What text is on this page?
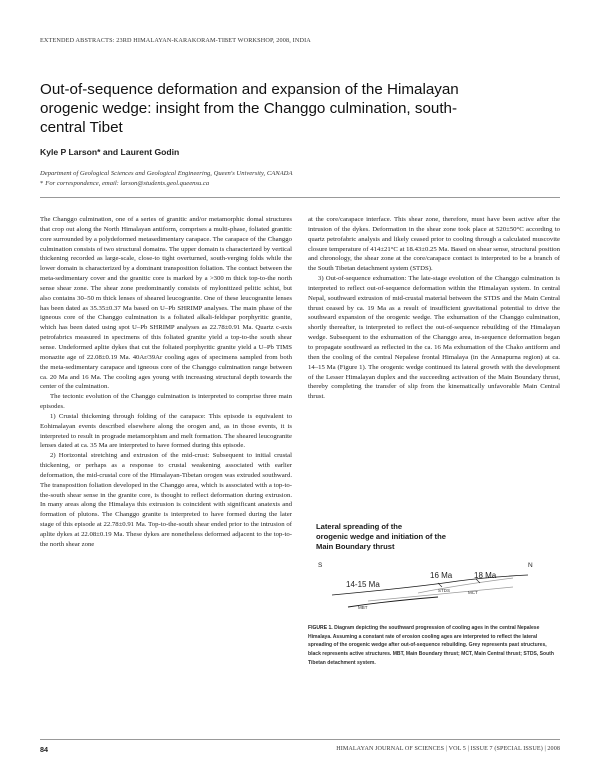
EXTENDED ABSTRACTS: 23RD HIMALAYAN-KARAKORAM-TIBET WORKSHOP, 2008, INDIA
Out-of-sequence deformation and expansion of the Himalayan orogenic wedge: insight from the Changgo culmination, south-central Tibet
Kyle P Larson* and Laurent Godin
Department of Geological Sciences and Geological Engineering, Queen's University, CANADA
* For correspondence, email: larson@students.geol.queensu.ca

The Changgo culmination, one of a series of granitic and/or metamorphic domal structures that crop out along the North Himalayan antiform, comprises a multi-phase, foliated granitic core surrounded by a polydeformed metasedimentary carapace. The carapace of the Changgo culmination consists of two structural domains. The upper domain is characterized by vertical thickening recorded as large-scale, close-to tight overturned, south-verging folds while the lower domain is characterized by a dominant transposition foliation. The contact between the meta-sedimentary cover and the granitic core is marked by a >300 m thick top-to-the north sense shear zone. The shear zone predominantly consists of mylonitized pelitic schist, but also contains 30–50 m thick lenses of sheared leucogranite. One of these leucogranite lenses has been dated as 35.35±0.37 Ma based on U–Pb SHRIMP analyses. The main phase of the igneous core of the Changgo culmination is a foliated alkali-feldspar porphyritic granite, which has been dated using spot U–Pb SHRIMP analyses as 22.78±0.91 Ma. Quartz c-axis petrofabrics measured in specimens of this foliated granite yield a top-to-the south shear sense. Undeformed aplite dykes that cut the foliated porphyritic granite yield a U–Pb TIMS monazite age of 22.08±0.19 Ma. 40Ar/39Ar cooling ages of specimens sampled from both the meta-sedimentary carapace and igneous core of the Changgo culmination range between ca. 20 Ma and 16 Ma. The cooling ages young with increasing structural depth towards the center of the culmination.

The tectonic evolution of the Changgo culmination is interpreted to comprise three main episodes.

1) Crustal thickening through folding of the carapace: This episode is equivalent to Eohimalayan events described elsewhere along the orogen and, as in those events, it is interpreted to result in prograde metamorphism and melt formation. The sheared leucogranite lenses dated at ca. 35 Ma are interpreted to have formed during this episode.

2) Horizontal stretching and extrusion of the mid-crust: Subsequent to initial crustal thickening, or perhaps as a response to crustal weakening associated with earlier deformation, the mid-crustal core of the Himalayan-Tibetan orogen was extruded southward. The transposition foliation developed in the Changgo area, which is associated with a top-to-the-south shear sense in the granite core, is thought to reflect deformation during extrusion. In many areas along the Himalaya this extrusion is coincident with significant anatexis and formation of plutons. The Changgo granite is interpreted to have formed during the later stage of this episode at 22.78±0.91 Ma. Top-to-the-south shear ended prior to the intrusion of aplite dykes at 22.08±0.19 Ma. These dykes are nonetheless deformed adjacent to the top-to-the north shear zone

at the core/carapace interface. This shear zone, therefore, must have been active after the intrusion of the dykes. Deformation in the shear zone took place at 520±50°C according to quartz petrofabric analysis and likely ceased prior to cooling through a calculated muscovite closure temperature of 414±21°C at 18.43±0.25 Ma. Based on shear sense, structural position and chronology, the shear zone at the core/carapace contact is interpreted to be a branch of the South Tibetan detachment system (STDS).

3) Out-of-sequence exhumation: The late-stage evolution of the Changgo culmination is interpreted to reflect out-of-sequence deformation within the Himalayan system. In central Nepal, southward extrusion of mid-crustal material between the STDS and the Main Central thrust ceased by ca. 19 Ma as a result of insufficient gravitational potential to drive the southward expansion of the orogenic wedge. The exhumation of the Changgo culmination, shortly thereafter, is interpreted to reflect the out-of-sequence rebuilding of the Himalayan wedge. Subsequent to the exhumation of the Changgo area, in-sequence deformation began to propagate southward as reflected in the ca. 16 Ma exhumation of the Chako antiform and then the cooling of the central Nepalese frontal Himalaya (in the Annapurna region) at ca. 14–15 Ma (Figure 1). The orogenic wedge continued its lateral growth with the development of the Lesser Himalayan duplex and the succeeding activation of the Main Boundary thrust, thereby completing the transfer of slip from the kinematically unfavorable Main Central thrust.

Lateral spreading of the
orogenic wedge and initiation of the
Main Boundary thrust
S	N
14-15 Ma
16 Ma	18 Ma
MBT
MCT
STDS
FIGURE 1. Diagram depicting the southward progression of cooling ages in the central Nepalese Himalaya. Assuming a constant rate of erosion cooling ages are interpreted to reflect the lateral spreading of the orogenic wedge after out-of-sequence rebuilding. Grey represents past structures, black represents active structures. MBT, Main Boundary thrust; MCT, Main Central thrust; STDS, South Tibetan detachment system.
84	HIMALAYAN JOURNAL OF SCIENCES | VOL 5 | ISSUE 7 (SPECIAL ISSUE) | 2008
